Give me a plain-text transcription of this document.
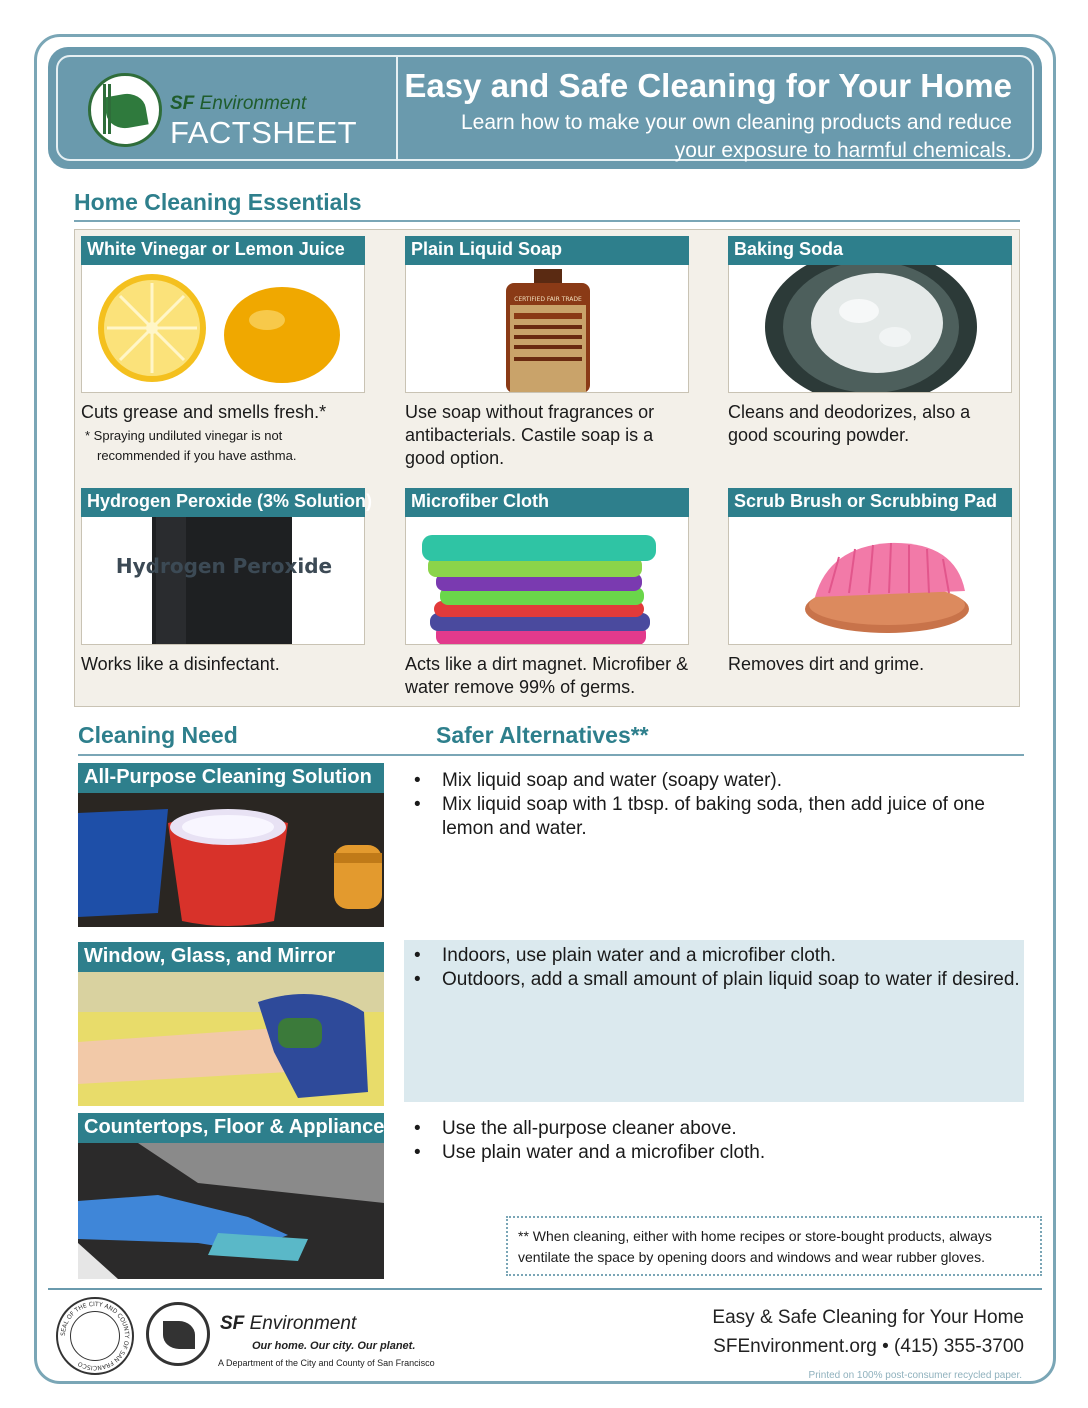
SF Environment
FACTSHEET
Easy and Safe Cleaning for Your Home
Learn how to make your own cleaning products and reduce your exposure to harmful chemicals.
Home Cleaning Essentials
White Vinegar or Lemon Juice
Cuts grease and smells fresh.*
* Spraying undiluted vinegar is not recommended if you have asthma.
Plain Liquid Soap
CERTIFIED FAIR TRADE
Use soap without fragrances or antibacterials. Castile soap is a good option.
Baking Soda
Cleans and deodorizes, also a good scouring powder.
Hydrogen Peroxide (3% Solution)
Hydrogen Peroxide
Works like a disinfectant.
Microfiber Cloth
Acts like a dirt magnet. Microfiber & water remove 99% of germs.
Scrub Brush or Scrubbing Pad
Removes dirt and grime.
Cleaning Need	Safer Alternatives**
All-Purpose Cleaning Solution	• Mix liquid soap and water (soapy water).
• Mix liquid soap with 1 tbsp. of baking soda, then add juice of one lemon and water.
Window, Glass, and Mirror	• Indoors, use plain water and a microfiber cloth.
• Outdoors, add a small amount of plain liquid soap to water if desired.
Countertops, Floor & Appliances	• Use the all-purpose cleaner above.
• Use plain water and a microfiber cloth.
** When cleaning, either with home recipes or store-bought products, always ventilate the space by opening doors and windows and wear rubber gloves.
SEAL OF THE CITY AND COUNTY OF SAN FRANCISCO
SF Environment
Our home. Our city. Our planet.
A Department of the City and County of San Francisco
Easy & Safe Cleaning for Your Home
SFEnvironment.org • (415) 355-3700
Printed on 100% post-consumer recycled paper.
